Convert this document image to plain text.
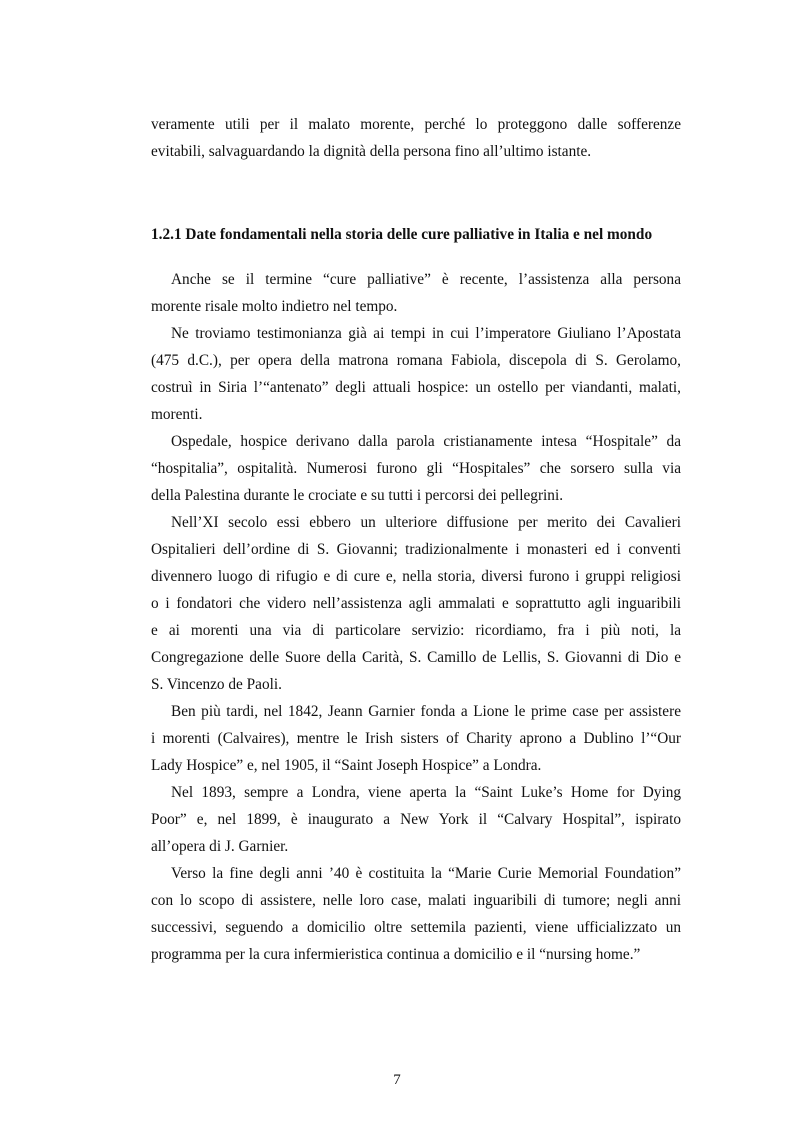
veramente utili per il malato morente, perché lo proteggono dalle sofferenze
evitabili, salvaguardando la dignità della persona fino all’ultimo istante.
1.2.1 Date fondamentali nella storia delle cure palliative in Italia e nel mondo
Anche se il termine “cure palliative” è recente, l’assistenza alla persona
morente risale molto indietro nel tempo.
Ne troviamo testimonianza già ai tempi in cui l’imperatore Giuliano l’Apostata
(475 d.C.), per opera della matrona romana Fabiola, discepola di S. Gerolamo,
costruì in Siria l’“antenato” degli attuali hospice: un ostello per viandanti, malati,
morenti.
Ospedale, hospice derivano dalla parola cristianamente intesa “Hospitale” da
“hospitalia”, ospitalità. Numerosi furono gli “Hospitales” che sorsero sulla via
della Palestina durante le crociate e su tutti i percorsi dei pellegrini.
Nell’XI secolo essi ebbero un ulteriore diffusione per merito dei Cavalieri
Ospitalieri dell’ordine di S. Giovanni; tradizionalmente i monasteri ed i conventi
divennero luogo di rifugio e di cure e, nella storia, diversi furono i gruppi religiosi
o i fondatori che videro nell’assistenza agli ammalati e soprattutto agli inguaribili
e ai morenti una via di particolare servizio: ricordiamo, fra i più noti, la
Congregazione delle Suore della Carità, S. Camillo de Lellis, S. Giovanni di Dio e
S. Vincenzo de Paoli.
Ben più tardi, nel 1842, Jeann Garnier fonda a Lione le prime case per assistere
i morenti (Calvaires), mentre le Irish sisters of Charity aprono a Dublino l’“Our
Lady Hospice” e, nel 1905, il “Saint Joseph Hospice” a Londra.
Nel 1893, sempre a Londra, viene aperta la “Saint Luke’s Home for Dying
Poor” e, nel 1899, è inaugurato a New York il “Calvary Hospital”, ispirato
all’opera di J. Garnier.
Verso la fine degli anni ’40 è costituita la “Marie Curie Memorial Foundation”
con lo scopo di assistere, nelle loro case, malati inguaribili di tumore; negli anni
successivi, seguendo a domicilio oltre settemila pazienti, viene ufficializzato un
programma per la cura infermieristica continua a domicilio e il “nursing home.”
7
